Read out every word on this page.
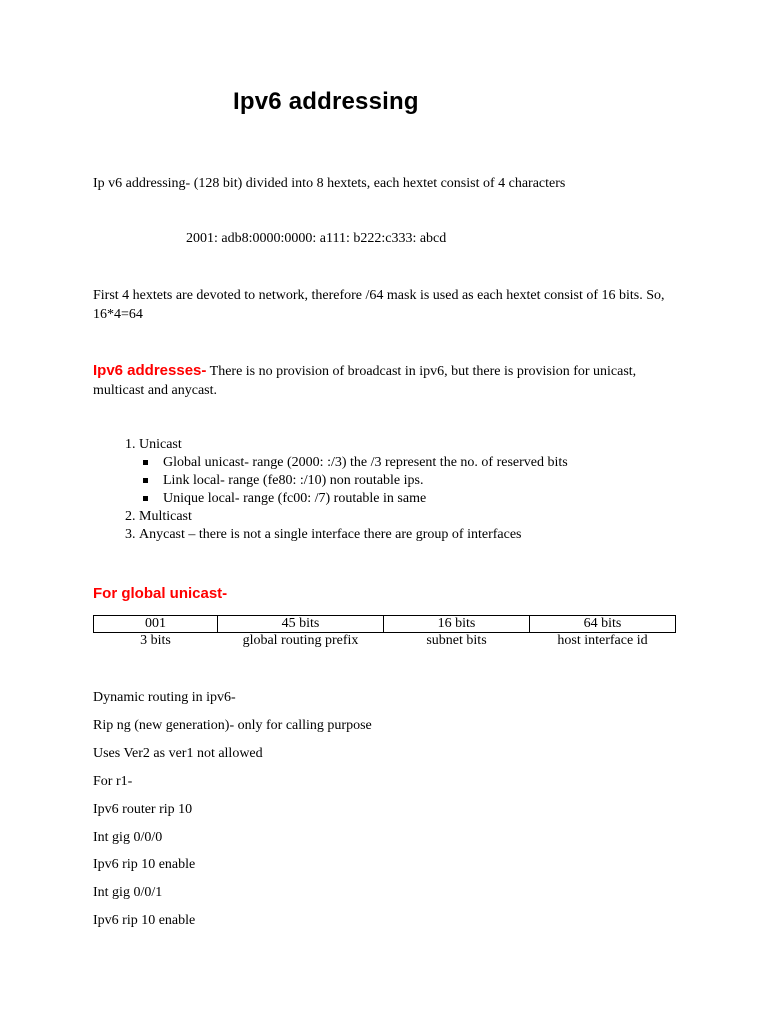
Ipv6 addressing
Ip v6 addressing- (128 bit) divided into 8 hextets, each hextet consist of 4 characters
2001: adb8:0000:0000: a111: b222:c333: abcd
First 4 hextets are devoted to network, therefore /64 mask is used as each hextet consist of 16 bits. So, 16*4=64
Ipv6 addresses- There is no provision of broadcast in ipv6, but there is provision for unicast, multicast and anycast.
1. Unicast
Global unicast- range (2000: :/3) the /3 represent the no. of reserved bits
Link local- range (fe80: :/10) non routable ips.
Unique local- range (fc00: /7) routable in same
2. Multicast
3. Anycast – there is not a single interface there are group of interfaces
For global unicast-
001	45 bits	16 bits	64 bits
3 bits	global routing prefix	subnet bits	host interface id
Dynamic routing in ipv6-
Rip ng (new generation)- only for calling purpose
Uses Ver2 as ver1 not allowed
For r1-
Ipv6 router rip 10
Int gig 0/0/0
Ipv6 rip 10 enable
Int gig 0/0/1
Ipv6 rip 10 enable
